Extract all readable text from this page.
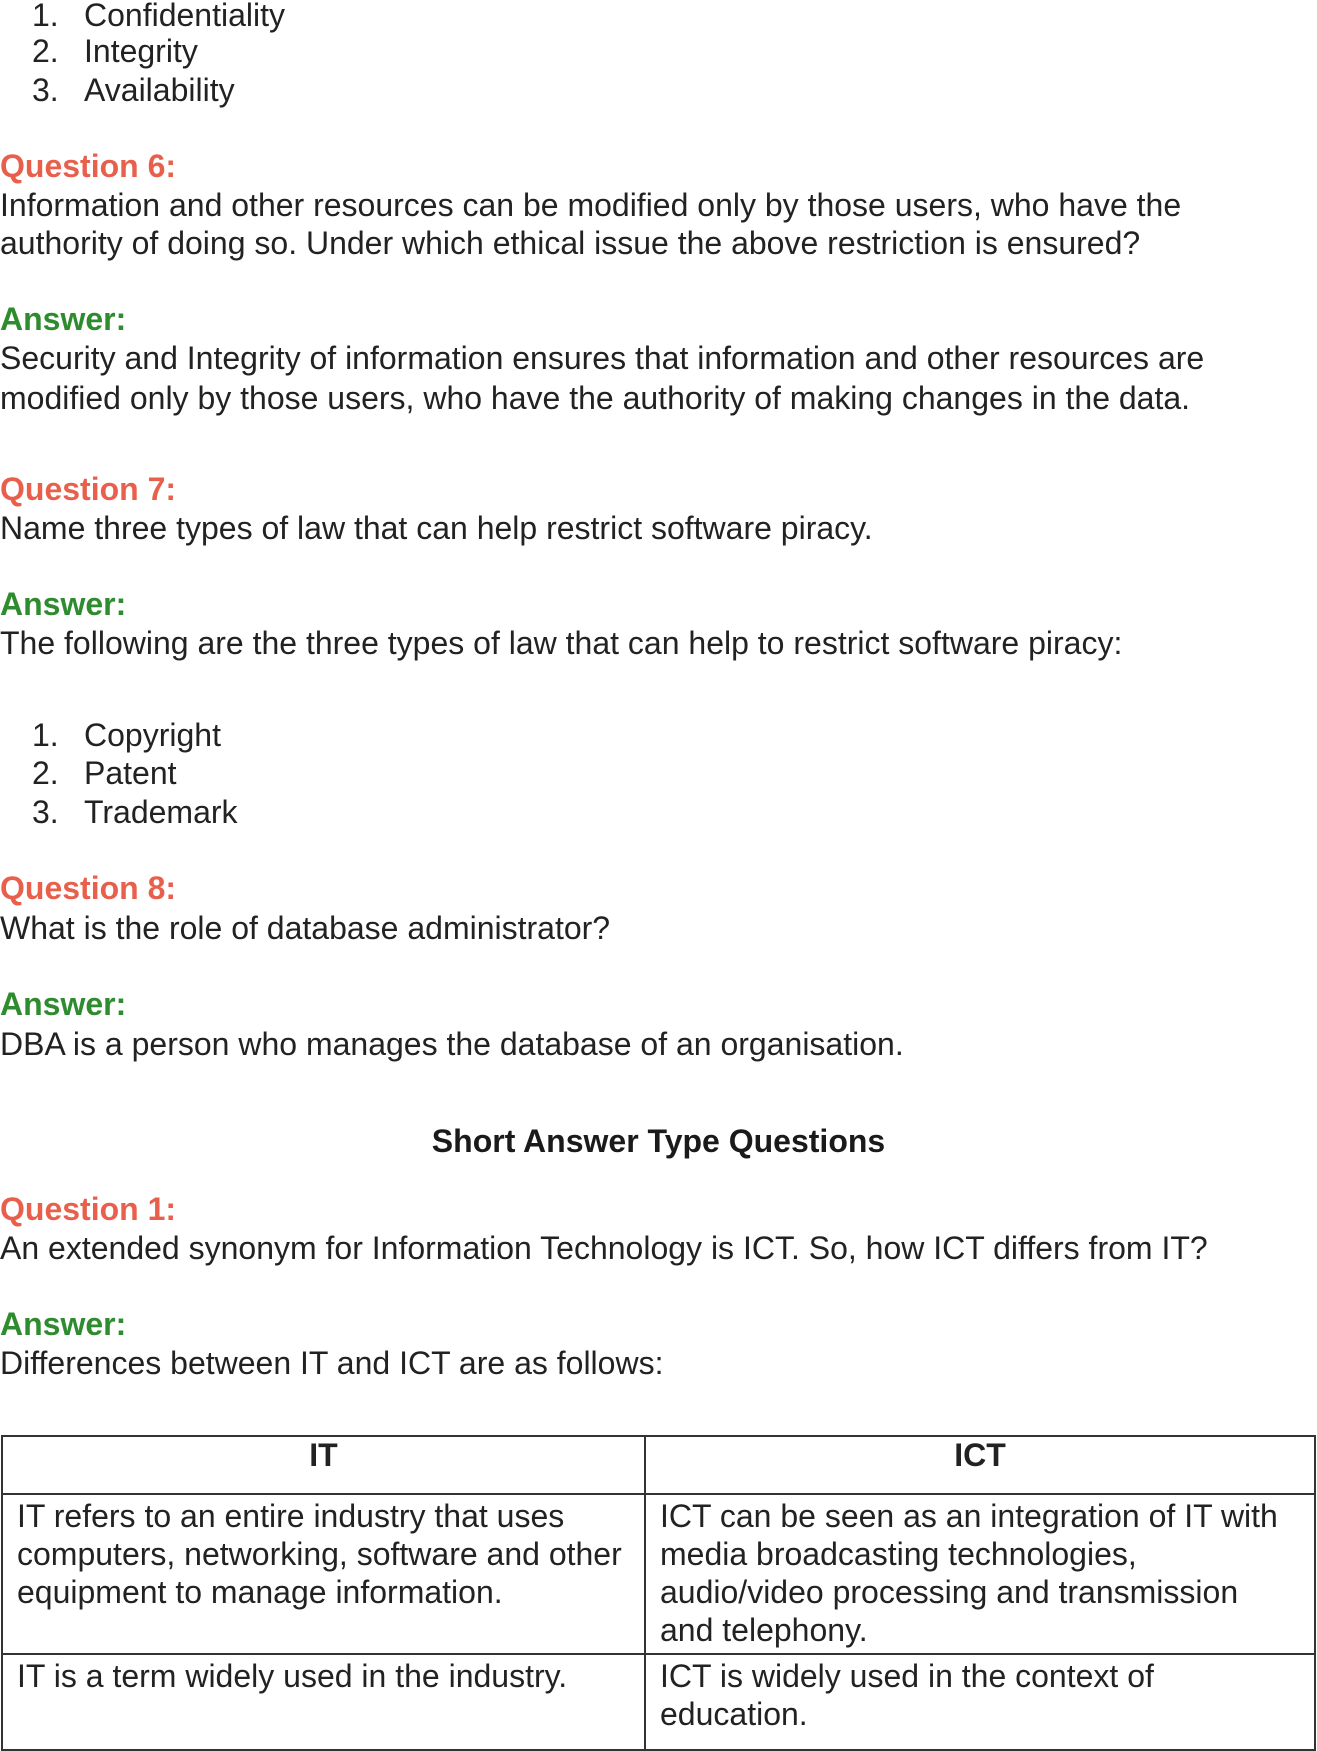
1. Confidentiality
2. Integrity
3. Availability
Question 6:
Information and other resources can be modified only by those users, who have the
authority of doing so. Under which ethical issue the above restriction is ensured?
Answer:
Security and Integrity of information ensures that information and other resources are
modified only by those users, who have the authority of making changes in the data.
Question 7:
Name three types of law that can help restrict software piracy.
Answer:
The following are the three types of law that can help to restrict software piracy:
1. Copyright
2. Patent
3. Trademark
Question 8:
What is the role of database administrator?
Answer:
DBA is a person who manages the database of an organisation.
Short Answer Type Questions
Question 1:
An extended synonym for Information Technology is ICT. So, how ICT differs from IT?
Answer:
Differences between IT and ICT are as follows:
IT	ICT
IT refers to an entire industry that uses computers, networking, software and other equipment to manage information.	ICT can be seen as an integration of IT with media broadcasting technologies, audio/video processing and transmission and telephony.
IT is a term widely used in the industry.	ICT is widely used in the context of education.
